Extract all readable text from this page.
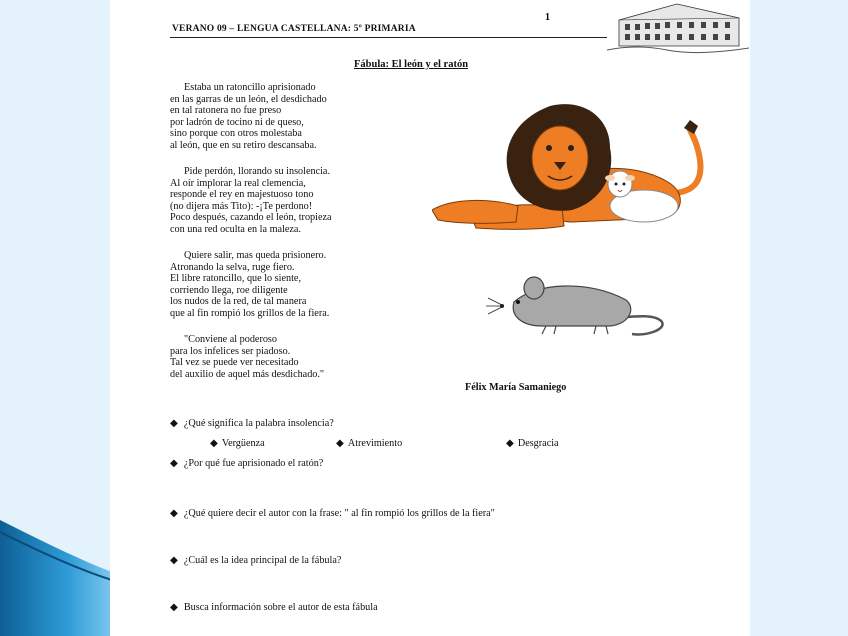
VERANO 09 – LENGUA CASTELLANA: 5º PRIMARIA
1
Fábula: El león y el ratón
Estaba un ratoncillo aprisionado
en las garras de un león, el desdichado
en tal ratonera no fue preso
por ladrón de tocino ni de queso,
sino porque con otros molestaba
al león, que en su retiro descansaba.
Pide perdón, llorando su insolencia.
Al oír implorar la real clemencia,
responde el rey en majestuoso tono
(no dijera más Tito): -¡Te perdono!
Poco después, cazando el león, tropieza
con una red oculta en la maleza.
Quiere salir, mas queda prisionero.
Atronando la selva, ruge fiero.
El libre ratoncillo, que lo siente,
corriendo llega, roe diligente
los nudos de la red, de tal manera
que al fin rompió los grillos de la fiera.
"Conviene al poderoso
para los infelices ser piadoso.
Tal vez se puede ver necesitado
del auxilio de aquel más desdichado."
Félix María Samaniego
◆ ¿Qué significa la palabra insolencia?
◆ Vergüenza	◆ Atrevimiento	◆ Desgracia
◆ ¿Por qué fue aprisionado el ratón?
◆ ¿Qué quiere decir el autor con la frase: " al fin rompió los grillos de la fiera"
◆ ¿Cuál es la idea principal de la fábula?
◆ Busca información sobre el autor de esta fábula
